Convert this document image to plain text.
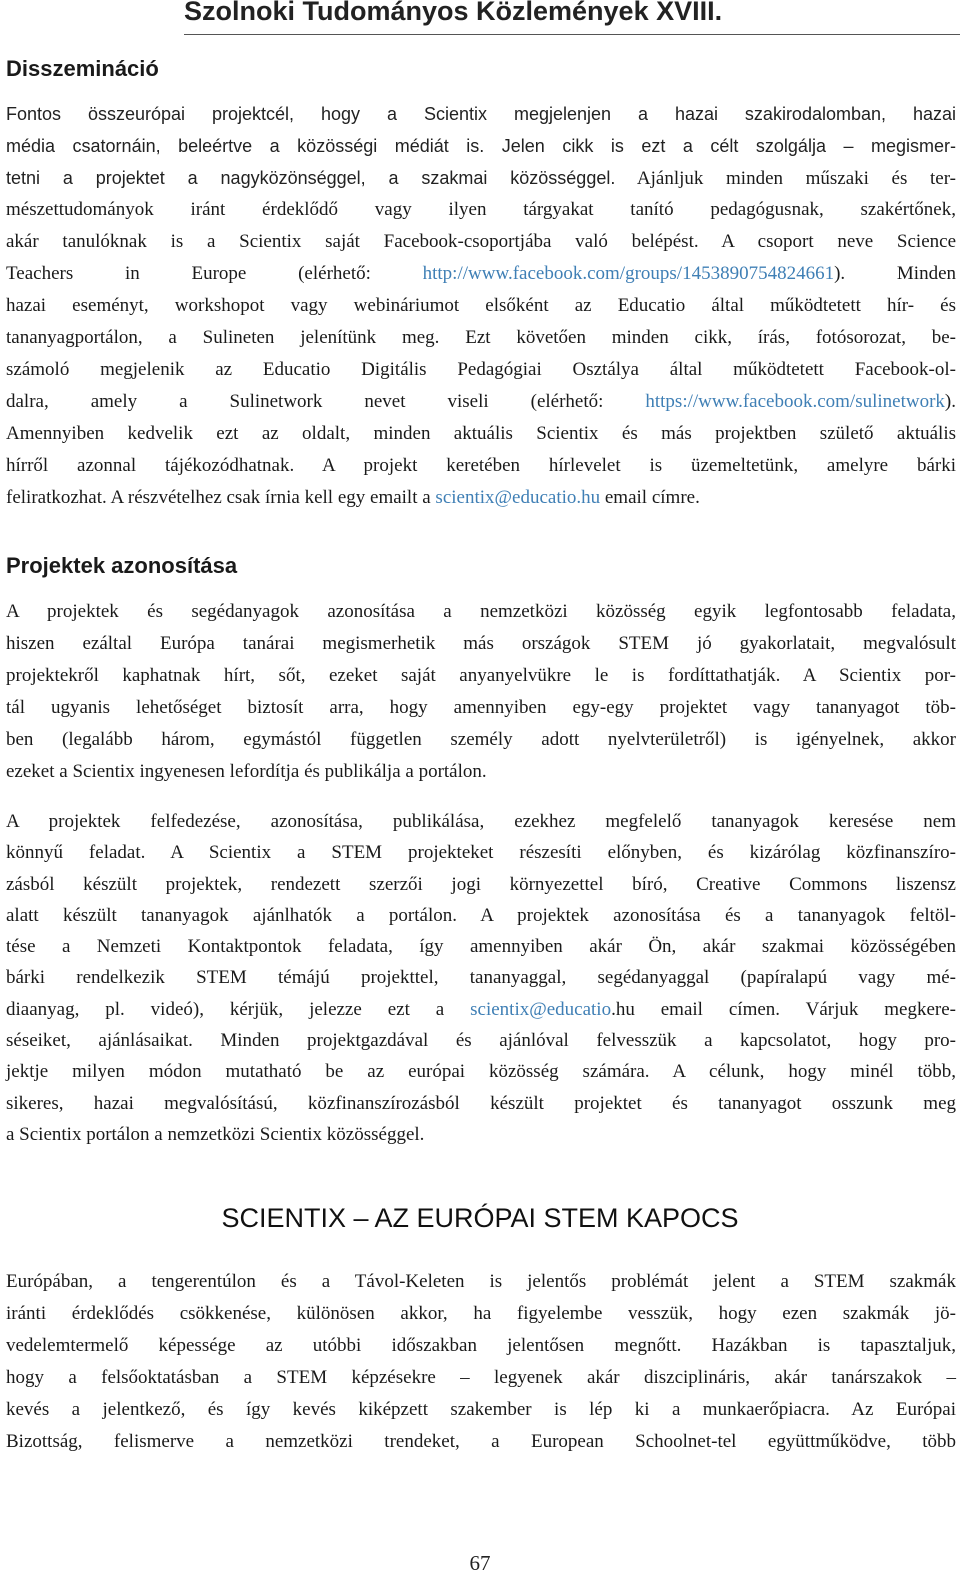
Szolnoki Tudományos Közlemények XVIII.

Disszemináció
Fontos összeurópai projektcél, hogy a Scientix megjelenjen a hazai szakirodalomban, hazai
média csatornáin, beleértve a közösségi médiát is. Jelen cikk is ezt a célt szolgálja – megismer-
tetni a projektet a nagyközönséggel, a szakmai közösséggel. Ajánljuk minden műszaki és ter-
mészettudományok iránt érdeklődő vagy ilyen tárgyakat tanító pedagógusnak, szakértőnek,
akár tanulóknak is a Scientix saját Facebook-csoportjába való belépést. A csoport neve Science
Teachers in Europe (elérhető: http://www.facebook.com/groups/1453890754824661). Minden
hazai eseményt, workshopot vagy webináriumot elsőként az Educatio által működtetett hír- és
tananyagportálon, a Sulineten jelenítünk meg. Ezt követően minden cikk, írás, fotósorozat, be-
számoló megjelenik az Educatio Digitális Pedagógiai Osztálya által működtetett Facebook-ol-
dalra, amely a Sulinetwork nevet viseli (elérhető: https://www.facebook.com/sulinetwork).
Amennyiben kedvelik ezt az oldalt, minden aktuális Scientix és más projektben születő aktuális
hírről azonnal tájékozódhatnak. A projekt keretében hírlevelet is üzemeltetünk, amelyre bárki
feliratkozhat. A részvételhez csak írnia kell egy emailt a scientix@educatio.hu email címre.
Projektek azonosítása
A projektek és segédanyagok azonosítása a nemzetközi közösség egyik legfontosabb feladata,
hiszen ezáltal Európa tanárai megismerhetik más országok STEM jó gyakorlatait, megvalósult
projektekről kaphatnak hírt, sőt, ezeket saját anyanyelvükre le is fordíttathatják. A Scientix por-
tál ugyanis lehetőséget biztosít arra, hogy amennyiben egy-egy projektet vagy tananyagot töb-
ben (legalább három, egymástól független személy adott nyelvterületről) is igényelnek, akkor
ezeket a Scientix ingyenesen lefordítja és publikálja a portálon.
A projektek felfedezése, azonosítása, publikálása, ezekhez megfelelő tananyagok keresése nem
könnyű feladat. A Scientix a STEM projekteket részesíti előnyben, és kizárólag közfinanszíro-
zásból készült projektek, rendezett szerzői jogi környezettel bíró, Creative Commons liszensz
alatt készült tananyagok ajánlhatók a portálon. A projektek azonosítása és a tananyagok feltöl-
tése a Nemzeti Kontaktpontok feladata, így amennyiben akár Ön, akár szakmai közösségében
bárki rendelkezik STEM témájú projekttel, tananyaggal, segédanyaggal (papíralapú vagy mé-
diaanyag, pl. videó), kérjük, jelezze ezt a scientix@educatio.hu email címen. Várjuk megkere-
séseiket, ajánlásaikat. Minden projektgazdával és ajánlóval felvesszük a kapcsolatot, hogy pro-
jektje milyen módon mutatható be az európai közösség számára. A célunk, hogy minél több,
sikeres, hazai megvalósítású, közfinanszírozásból készült projektet és tananyagot osszunk meg
a Scientix portálon a nemzetközi Scientix közösséggel.
SCIENTIX – AZ EURÓPAI STEM KAPOCS
Európában, a tengerentúlon és a Távol-Keleten is jelentős problémát jelent a STEM szakmák
iránti érdeklődés csökkenése, különösen akkor, ha figyelembe vesszük, hogy ezen szakmák jö-
vedelemtermelő képessége az utóbbi időszakban jelentősen megnőtt. Hazákban is tapasztaljuk,
hogy a felsőoktatásban a STEM képzésekre – legyenek akár diszciplináris, akár tanárszakok –
kevés a jelentkező, és így kevés kiképzett szakember is lép ki a munkaerőpiacra. Az Európai
Bizottság, felismerve a nemzetközi trendeket, a European Schoolnet-tel együttműködve, több

67
